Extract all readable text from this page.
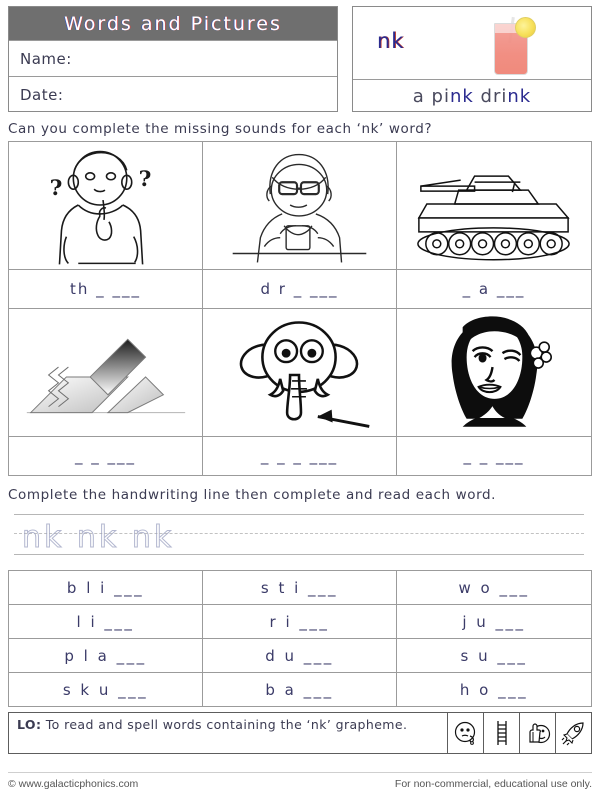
Words and Pictures
Name:
Date:
nk
a pink drink
Can you complete the missing sounds for each ‘nk’ word?
?	?
th _ ___	d r _ ___	_ a ___
_ _ ___	_ _ _ ___	_ _ ___
Complete the handwriting line then complete and read each word.
nk nk nk
b l i ___	s t i ___	w o ___
l i ___	r i ___	j u ___
p l a ___	d u ___	s u ___
s k u ___	b a ___	h o ___
LO: To read and spell words containing the ‘nk’ grapheme.
© www.galacticphonics.com	For non-commercial, educational use only.
